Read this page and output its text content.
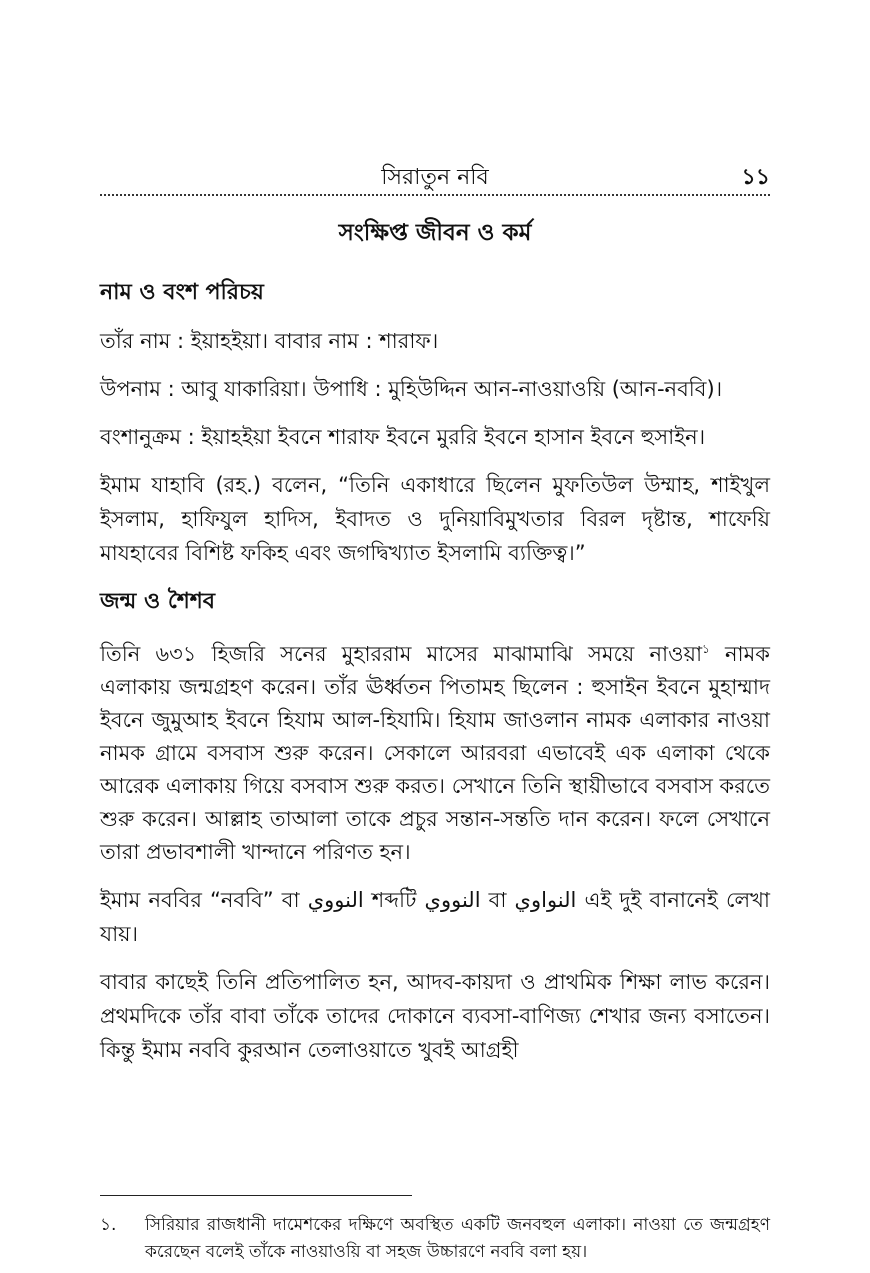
সিরাতুন নবি	১১
সংক্ষিপ্ত জীবন ও কর্ম
নাম ও বংশ পরিচয়

তাঁর নাম : ইয়াহইয়া। বাবার নাম : শারাফ।

উপনাম : আবু যাকারিয়া। উপাধি : মুহিউদ্দিন আন-নাওয়াওয়ি (আন-নববি)।

বংশানুক্রম : ইয়াহইয়া ইবনে শারাফ ইবনে মুররি ইবনে হাসান ইবনে হুসাইন।

ইমাম যাহাবি (রহ.) বলেন, “তিনি একাধারে ছিলেন মুফতিউল উম্মাহ, শাইখুল ইসলাম, হাফিযুল হাদিস, ইবাদত ও দুনিয়াবিমুখতার বিরল দৃষ্টান্ত, শাফেয়ি মাযহাবের বিশিষ্ট ফকিহ এবং জগদ্বিখ্যাত ইসলামি ব্যক্তিত্ব।”

জন্ম ও শৈশব

তিনি ৬৩১ হিজরি সনের মুহাররাম মাসের মাঝামাঝি সময়ে নাওয়া$^১$ নামক এলাকায় জন্মগ্রহণ করেন। তাঁর ঊর্ধ্বতন পিতামহ ছিলেন : হুসাইন ইবনে মুহাম্মাদ ইবনে জুমুআহ ইবনে হিযাম আল-হিযামি। হিযাম জাওলান নামক এলাকার নাওয়া নামক গ্রামে বসবাস শুরু করেন। সেকালে আরবরা এভাবেই এক এলাকা থেকে আরেক এলাকায় গিয়ে বসবাস শুরু করত। সেখানে তিনি স্থায়ীভাবে বসবাস করতে শুরু করেন। আল্লাহ তাআলা তাকে প্রচুর সন্তান-সন্ততি দান করেন। ফলে সেখানে তারা প্রভাবশালী খান্দানে পরিণত হন।

ইমাম নববির “নববি” বা النووي শব্দটি النووي বা النواوي এই দুই বানানেই লেখা যায়।

বাবার কাছেই তিনি প্রতিপালিত হন, আদব-কায়দা ও প্রাথমিক শিক্ষা লাভ করেন। প্রথমদিকে তাঁর বাবা তাঁকে তাদের দোকানে ব্যবসা-বাণিজ্য শেখার জন্য বসাতেন। কিন্তু ইমাম নববি কুরআন তেলাওয়াতে খুবই আগ্রহী

১.	সিরিয়ার রাজধানী দামেশকের দক্ষিণে অবস্থিত একটি জনবহুল এলাকা। নাওয়া তে জন্মগ্রহণ করেছেন বলেই তাঁকে নাওয়াওয়ি বা সহজ উচ্চারণে নববি বলা হয়।
